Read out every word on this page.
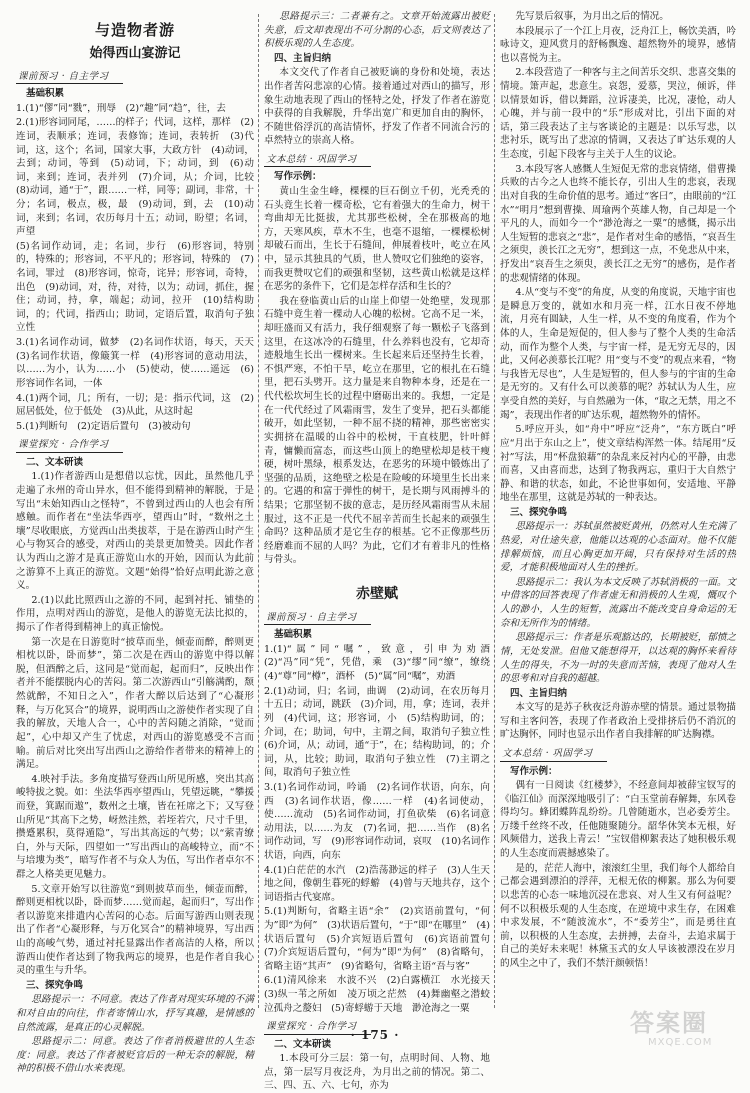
与造物者游
始得西山宴游记
课前预习 · 自主学习
基础积累

1.(1)“僇”同“戮”，刑辱　(2)“趣”同“趋”，往，去

2.(1)形容词同尾，……的样子；代词，这样，那样　(2)连词，表顺承；连词，表修饰；连词，表转折　(3)代词，这，这个；名词，国家大事，大政方针　(4)动词，去到；动词，等到　(5)动词，下；动词，到　(6)动词，来到；连词，表并列　(7)介词，从；介词，比较　(8)动词，通“于”，跟……一样，同等；副词，非常，十分；名词，极点，极，最　(9)动词，到，去　(10)动词，来到；名词，农历每月十五；动词，盼望；名词，声望

(5)名词作动词，走；名词，步行　(6)形容词，特别的，特殊的；形容词，不平凡的；形容词，特殊的　(7)名词，罪过　(8)形容词，惊奇，诧异；形容词，奇特，出色　(9)动词，对，待，对待，以为；动词，抓住，握住；动词，持，拿，端起；动词，拉开　(10)结构助词，的；代词，指西山；助词，定语后置，取消句子独立性

3.(1)名词作动词，做梦　(2)名词作状语，每天，天天　(3)名词作状语，像簸箕一样　(4)形容词的意动用法，以……为小，认为……小　(5)使动，使……遥远　(6)形容词作名词，一体

4.(1)两个词，几；所有，一切；是：指示代词，这　(2)屈居低处，位于低处　(3)从此，从这时起

5.(1)判断句　(2)定语后置句　(3)被动句

课堂探究 · 合作学习
二、文本研读

1.(1)作者游西山是想借以忘忧，因此，虽然他几乎走遍了永州的奇山异水，但不能得到精神的解脱，于是写出“未始知西山之怪特”，不曾到过西山的人也会有所感触。而作者在“坐法华西亭，望西山”时，“数州之土壤”尽收眼底，方觉西山出类拔萃，于是在游西山时产生心与物冥合的感受，对西山的美景更加赞美。因此作者认为西山之游才是真正游览山水的开始，因而认为此前之游算不上真正的游览。文题“始得”恰好点明此游之意义。

2.(1)以此比照西山之游的不同，起到衬托、铺垫的作用，点明对西山的游览，是他人的游览无法比拟的，揭示了作者得到精神上的真正愉悦。

第一次是在日游览时“披草而坐，倾壶而醉，醉则更相枕以卧，卧而梦”，第二次是在西山的游览中得以解脱，但酒醉之后，这同是“觉而起，起而归”，反映出作者并不能摆脱内心的苦闷。第二次游西山“引觞满酌，颓然就醉，不知日之入”，作者大醉以后达到了“心凝形释，与万化冥合”的境界，说明西山之游使作者实现了自我的解放，天地人合一，心中的苦闷随之消除，“觉而起”，心中却又产生了忧虑，对西山的游览感受不言而喻。前后对比突出写出西山之游给作者带来的精神上的满足。

4.映衬手法。多角度描写登西山所见所感，突出其高峻特拔之貌。如：坐法华西亭望西山，凭望远眺，“攀援而登，箕踞而遨”，数州之土壤，皆在衽席之下；又写登山所见“其高下之势，岈然洼然，若垤若穴，尺寸千里，攒蹙累积，莫得遁隐”，写出其高远的气势；以“萦青缭白，外与天际，四望如一”写出西山的高峻特立，而“不与培塿为类”，暗写作者不与众人为伍，写出作者卓尔不群之人格美更见魅力。

5.文章开始写以往游览“到则披草而坐，倾壶而醉，醉则更相枕以卧，卧而梦……觉而起，起而归”，写出作者以游览来排遣内心苦闷的心态。后面写游西山则表现出了作者“心凝形释，与万化冥合”的精神境界，写出西山的高峻气势，通过衬托显露出作者高洁的人格，所以游西山使作者达到了物我两忘的境界，也是作者自我心灵的重生与升华。

三、探究争鸣

思路提示一：不同意。表达了作者对现实环境的不满和对自由的向往，作者寄情山水，抒写真趣，是情感的自然流露，是真正的心灵解脱。

思路提示二：同意。表达了作者消极避世的人生态度：同意。表达了作者被贬官后的一种无奈的解脱，精神的积极不借山水来表现。

思路提示三：二者兼有之。文章开始流露出被贬失意，后文却表现出不可分割的心态，后文则表达了积极乐观的人生态度。

四、主旨归纳

本文交代了作者自己被贬谪的身份和处境，表达出作者苦闷悲凉的心情。接着通过对西山的描写，形象生动地表现了西山的怪特之处，抒发了作者在游览中获得的自我解脱，升华出宽广和更加自由的胸怀，不随世俗浮沉的高洁情怀，抒发了作者不同流合污的卓然特立的崇高人格。

文本总结 · 巩固学习
写作示例：

黄山生金生峰，棵棵的巨石倒立千仞，光秃秃的石头竟生长着一棵奇松，它有着强大的生命力，树干弯曲却无比挺拔，尤其那些松树，全在那极高的地方，天寒风疾，草木不生，也毫不退缩，一棵棵松树却破石而出，生长于石缝间，伸展着枝叶，屹立在风中，显示其独具的气质，世人赞叹它们独绝的姿容，而我更赞叹它们的顽强和坚韧，这些黄山松就是这样在恶劣的条件下，它们是怎样存活和生长的？

我在登临黄山后的山崖上仰望一处绝壁，发现那石缝中竟生着一棵动人心魄的松树。它高不足一米，却旺盛而又有活力，我仔细观察了每一颗松子飞落到这里，在这冰冷的石缝里，什么养料也没有，它却奇迹般地生长出一棵树来。生长起来后还坚持生长着，不惧严寒，不怕干旱，屹立在那里，它的根扎在石缝里，把石头劈开。这力量是来自物种本身，还是在一代代松坎坷生长的过程中磨砺出来的。我想，一定是在一代代经过了风霜雨雪，发生了变异，把石头都能破开，如此坚韧，一种不屈不挠的精神，那些密密实实拥挤在温暖的山谷中的松树，干直枝肥，针叶鲜青，慵懒而富态，而这些山顶上的绝壁松却是枝干瘦硬，树叶黑绿，根系发达，在恶劣的环境中锻炼出了坚强的品质，这绝壁之松是在险峻的环境里生长出来的。它遇的和富于弹性的树干，是长期与风雨搏斗的结果；它那坚韧不拔的意志，是历经风霜雨雪从未屈服过，这不正是一代代不屈辛苦而生长起来的顽强生命吗？这种品质才是它生存的根基。它不正像那些历经磨难而不屈的人吗？为此，它们才有着非凡的性格与骨头。

赤壁赋
课前预习 · 自主学习
基础积累

1.(1)“属”同“嘱”，致意，引申为劝酒　(2)“冯”同“凭”，凭借，乘　(3)“缪”同“缭”，缭绕　(4)“尊”同“樽”，酒杯　(5)“属”同“嘱”，劝酒

2.(1)动词，归；名词，曲调　(2)动词，在农历每月十五日；动词，跳跃　(3)介词，用，拿；连词，表并列　(4)代词，这；形容词，小　(5)结构助词，的；介词，在；助词，句中，主谓之间，取消句子独立性　(6)介词，从；动词，通“于”，在；结构助词，的；介词，从，比较；助词，取消句子独立性　(7)主谓之间，取消句子独立性

3.(1)名词作动词，吟诵　(2)名词作状语，向东，向西　(3)名词作状语，像……一样　(4)名词使动，使……流动　(5)名词作动词，打鱼砍柴　(6)名词意动用法，以……为友　(7)名词，把……当作　(8)名词作动词，写　(9)形容词作动词，哀叹　(10)名词作状语，向西，向东

4.(1)白茫茫的水汽　(2)浩荡渺远的样子　(3)人生天地之间，像朝生暮死的蜉蝣　(4)曾与天地共存，这个词语指古代宴席。

5.(1)判断句，省略主语“余”　(2)宾语前置句，“何为”即“为何”　(3)状语后置句，“于”即“在哪里”　(4)状语后置句　(5)介宾短语后置句　(6)宾语前置句　(7)介宾短语后置句，“何为”即“为何”　(8)省略句，省略主语“其声”　(9)省略句，省略主语“吾与客”

6.(1)清风徐来　水波不兴　(2)白露横江　水光接天　(3)纵一苇之所如　凌万顷之茫然　(4)舞幽壑之潜蛟　泣孤舟之嫠妇　(5)寄蜉蝣于天地　渺沧海之一粟

课堂探究 · 合作学习
二、文本研读

1.本段可分三层：第一句，点明时间、人物、地点，第一层写月夜泛舟，为月出之前的情况。第二、三、四、五、六、七句，亦为

先写景后叙事，为月出之后的情况。

本段展示了一个江上月夜，泛舟江上，畅饮美酒，吟咏诗文，迎风赏月的舒畅飘逸、超然物外的境界，感情也以喜悦为主。

2.本段营造了一种客与主之间苦乐交织、悲喜交集的情境。箫声起，悲意生。哀怨，爱慕，哭泣，倾诉，伴以情景如诉，借以舞蹈，泣诉凄美，比况，凄怆，动人心魄，并与前一段中的“乐”形成对比，引出下面的对话，第三段表达了主与客谈论的主题是：以乐写悲，以悲衬乐，既写出了悲凉的情调，又表达了旷达乐观的人生态度，引起下段客与主关于人生的议论。

3.本段写客人感慨人生短促无常的悲哀情绪，借曹操兵败的古今之人也终不能长存，引出人生的悲哀，表现出对自我的生命价值的思考。通过“客曰”，由眼前的“江水”“明月”想到曹操、周瑜两个英雄人物，自己却是一个平凡的人，而如今一个“渺沧海之一粟”的感慨，揭示出人生短暂的悲哀之“悲”，是作者对生命的感悟，“哀吾生之须臾，羡长江之无穷”，想到这一点，不免悲从中来，抒发出“哀吾生之须臾，羡长江之无穷”的感伤，是作者的悲观情绪的体现。

4.从“变与不变”的角度，从变的角度说，天地宇宙也是瞬息万变的，就如水和月亮一样，江水日夜不停地流，月亮有圆缺，人生一样，从不变的角度看，作为个体的人，生命是短促的，但人参与了整个人类的生命活动，而作为整个人类，与宇宙一样，是无穷无尽的，因此，又何必羡慕长江呢？用“变与不变”的观点来看，“物与我皆无尽也”，人生是短暂的，但人参与的宇宙的生命是无穷的。又有什么可以羡慕的呢？苏轼认为人生，应享受自然的美好，与自然融为一体，“取之无禁，用之不竭”，表现出作者的旷达乐观，超然物外的情怀。

5.呼应开头，如“舟中”呼应“泛舟”，“东方既白”呼应“月出于东山之上”，使文章结构浑然一体。结尾用“反衬”写法，用“杯盘狼藉”的杂乱来反衬内心的平静，由悲而喜，又由喜而悲，达到了物我两忘，重归于大自然宁静、和谐的状态，如此，不论世事如何，安适地、平静地坐在那里，这就是苏轼的一种表达。

三、探究争鸣

思路提示一：苏轼虽然被贬黄州，仍然对人生充满了热爱，对仕途失意，他能以达观的心态面对。他不仅能排解烦恼，而且心胸更加开阔，只有保持对生活的热爱，才能积极地面对人生的挫折。

思路提示二：我认为本文反映了苏轼消极的一面。文中借客的回答表现了作者虚无和消极的人生观，慨叹个人的渺小，人生的短暂，流露出不能改变自身命运的无奈和无所作为的情绪。

思路提示三：作者是乐观豁达的，长期被贬，郁愤之情，无处发泄。但他又能想得开，以达观的胸怀来看待人生的得失，不为一时的失意而苦恼，表现了他对人生的思考和对自我的超越。

四、主旨归纳

本文写的是苏子秋夜泛舟游赤壁的情景。通过景物描写和主客问答，表现了作者政治上受排挤后仍不消沉的旷达胸怀，同时也显示出作者自我排解的旷达胸襟。

文本总结 · 巩固学习
写作示例：

偶有一日阅读《红楼梦》，不经意间却被薛宝钗写的《临江仙》而深深地吸引了：“白玉堂前春解舞，东风卷得均匀。蜂团蝶阵乱纷纷。几曾随逝水，岂必委芳尘。万缕千丝终不改，任他随聚随分。韶华休笑本无根，好风频借力，送我上青云！”宝钗借柳絮表达了她积极乐观的人生态度而震撼感染了。

是的，茫茫人海中，滚滚红尘里，我们每个人都给自己都会遇到漂泊的浮萍，无根无依的柳絮。那么为何要以悲苦的心态一味地沉浸在悲哀、对人生又有何益呢？何不以积极乐观的人生态度，在逆境中求生存，在困难中求发展，不“随波流水”，不“委芳尘”，而是勇往直前，以积极的人生态度，去拼搏，去奋斗，去追求属于自己的美好未来呢！林黛玉式的女人早该被漂没在岁月的风尘之中了，我们不禁汗颜顿悟！

· 175 ·	答案圈
MXQE.COM
